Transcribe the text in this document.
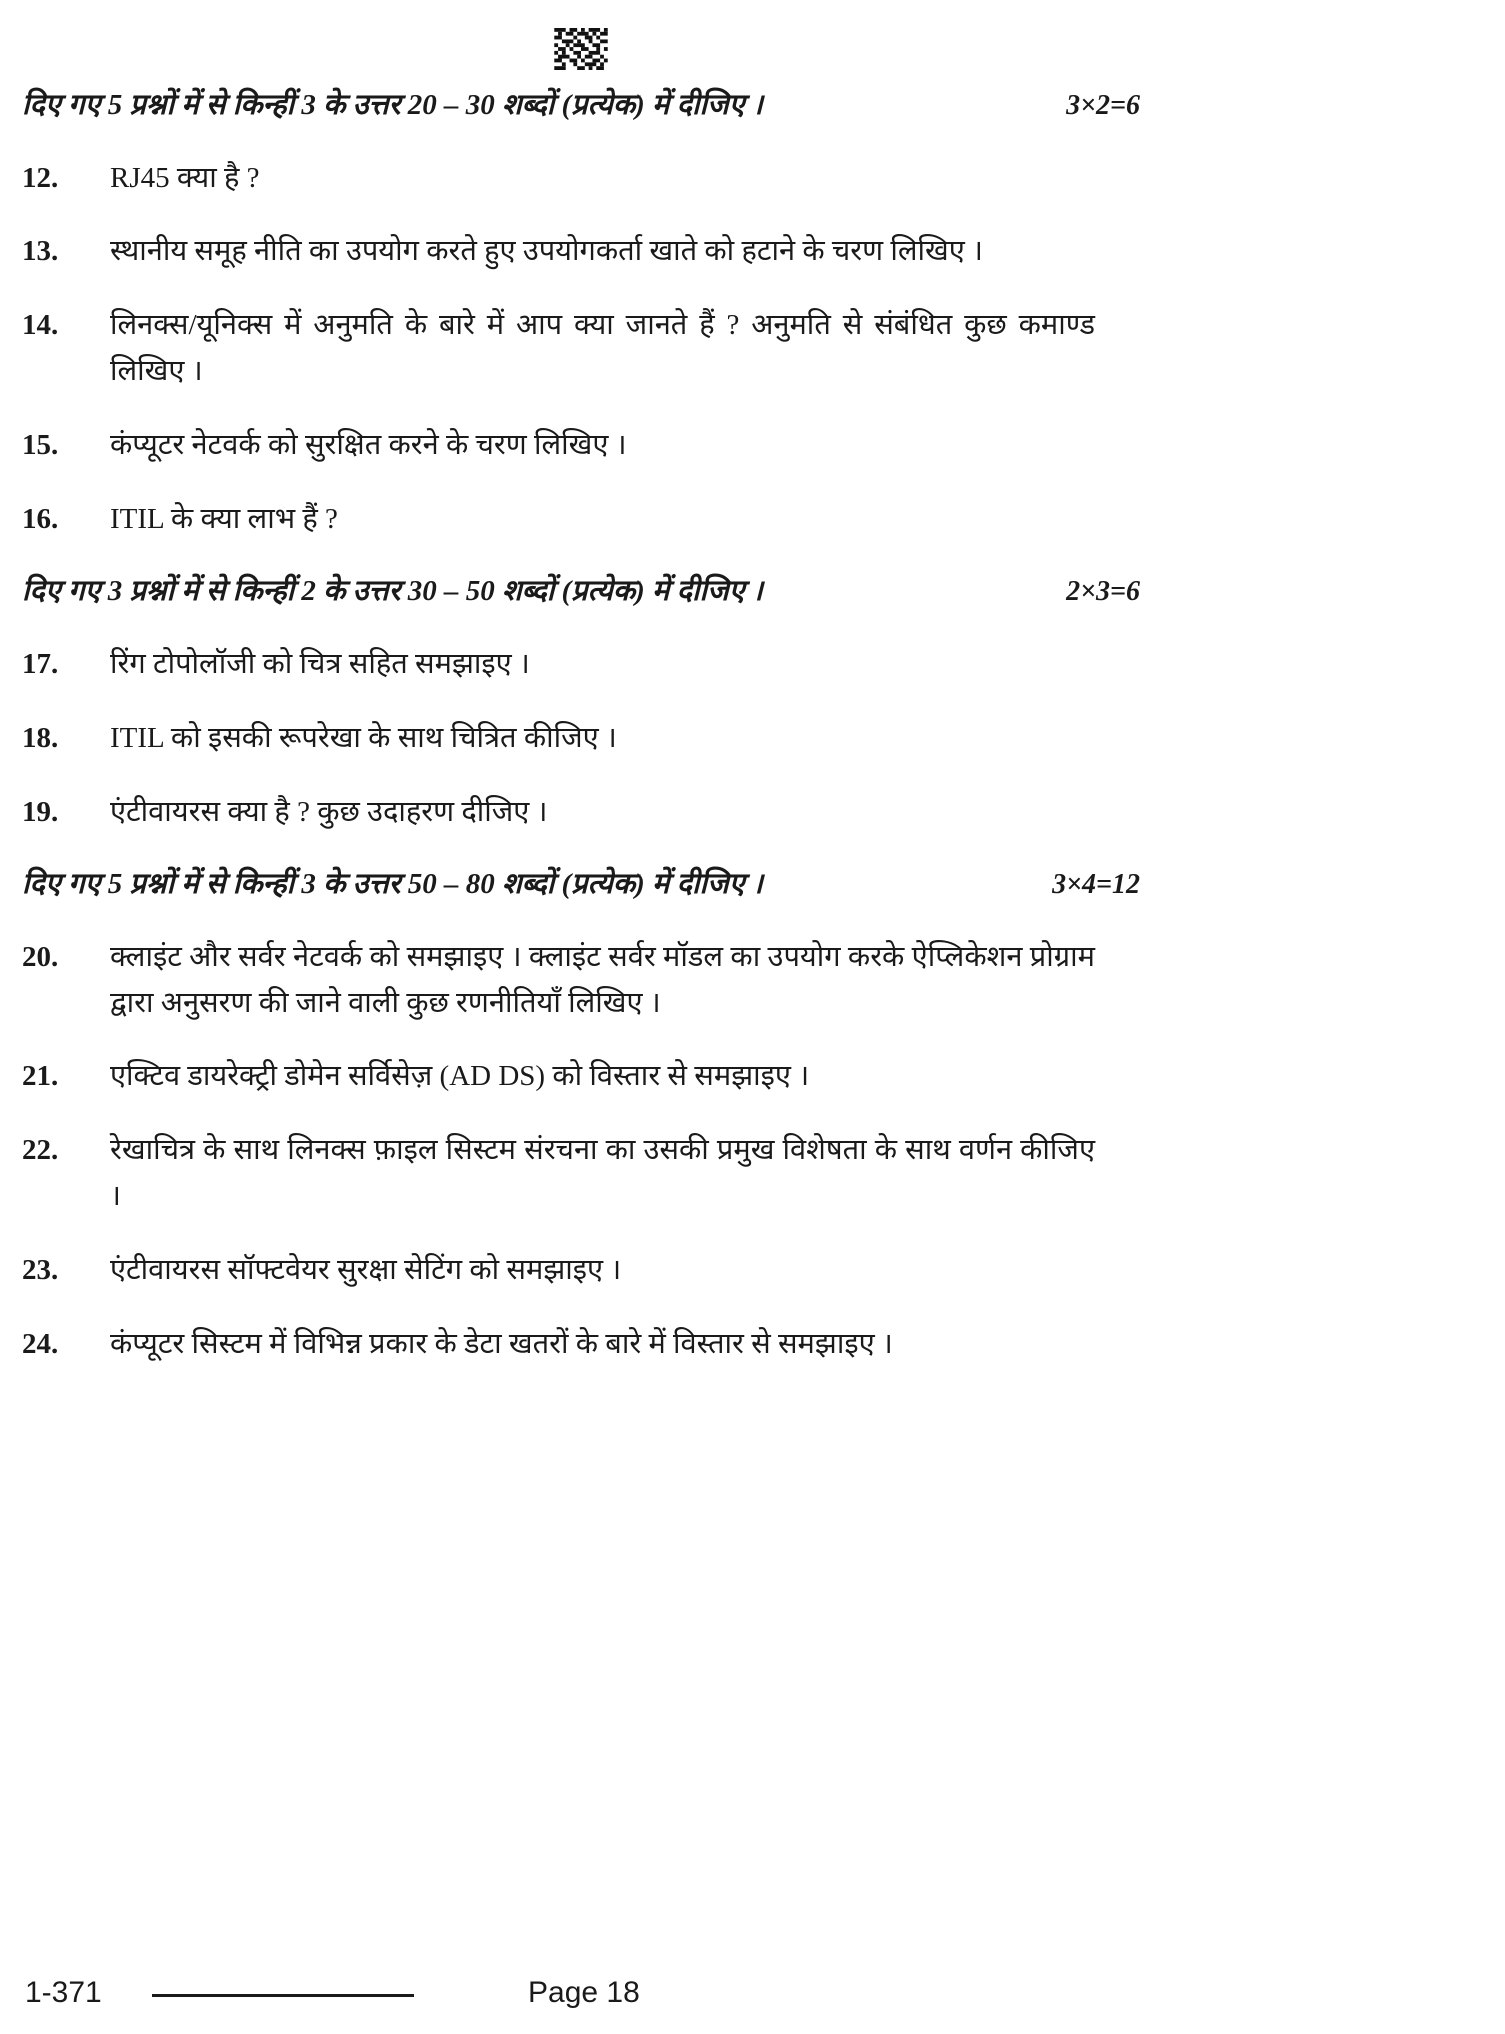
दिए गए 5 प्रश्नों में से किन्हीं 3 के उत्तर 20 – 30 शब्दों (प्रत्येक) में दीजिए ।	3×2=6
12.	RJ45 क्या है ?
13.	स्थानीय समूह नीति का उपयोग करते हुए उपयोगकर्ता खाते को हटाने के चरण लिखिए ।
14.	लिनक्स/यूनिक्स में अनुमति के बारे में आप क्या जानते हैं ? अनुमति से संबंधित कुछ कमाण्ड लिखिए ।
15.	कंप्यूटर नेटवर्क को सुरक्षित करने के चरण लिखिए ।
16.	ITIL के क्या लाभ हैं ?
दिए गए 3 प्रश्नों में से किन्हीं 2 के उत्तर 30 – 50 शब्दों (प्रत्येक) में दीजिए ।	2×3=6
17.	रिंग टोपोलॉजी को चित्र सहित समझाइए ।
18.	ITIL को इसकी रूपरेखा के साथ चित्रित कीजिए ।
19.	एंटीवायरस क्या है ? कुछ उदाहरण दीजिए ।
दिए गए 5 प्रश्नों में से किन्हीं 3 के उत्तर 50 – 80 शब्दों (प्रत्येक) में दीजिए ।	3×4=12
20.	क्लाइंट और सर्वर नेटवर्क को समझाइए । क्लाइंट सर्वर मॉडल का उपयोग करके ऐप्लिकेशन प्रोग्राम द्वारा अनुसरण की जाने वाली कुछ रणनीतियाँ लिखिए ।
21.	एक्टिव डायरेक्ट्री डोमेन सर्विसेज़ (AD DS) को विस्तार से समझाइए ।
22.	रेखाचित्र के साथ लिनक्स फ़ाइल सिस्टम संरचना का उसकी प्रमुख विशेषता के साथ वर्णन कीजिए ।
23.	एंटीवायरस सॉफ्टवेयर सुरक्षा सेटिंग को समझाइए ।
24.	कंप्यूटर सिस्टम में विभिन्न प्रकार के डेटा खतरों के बारे में विस्तार से समझाइए ।
1-371	Page 18
